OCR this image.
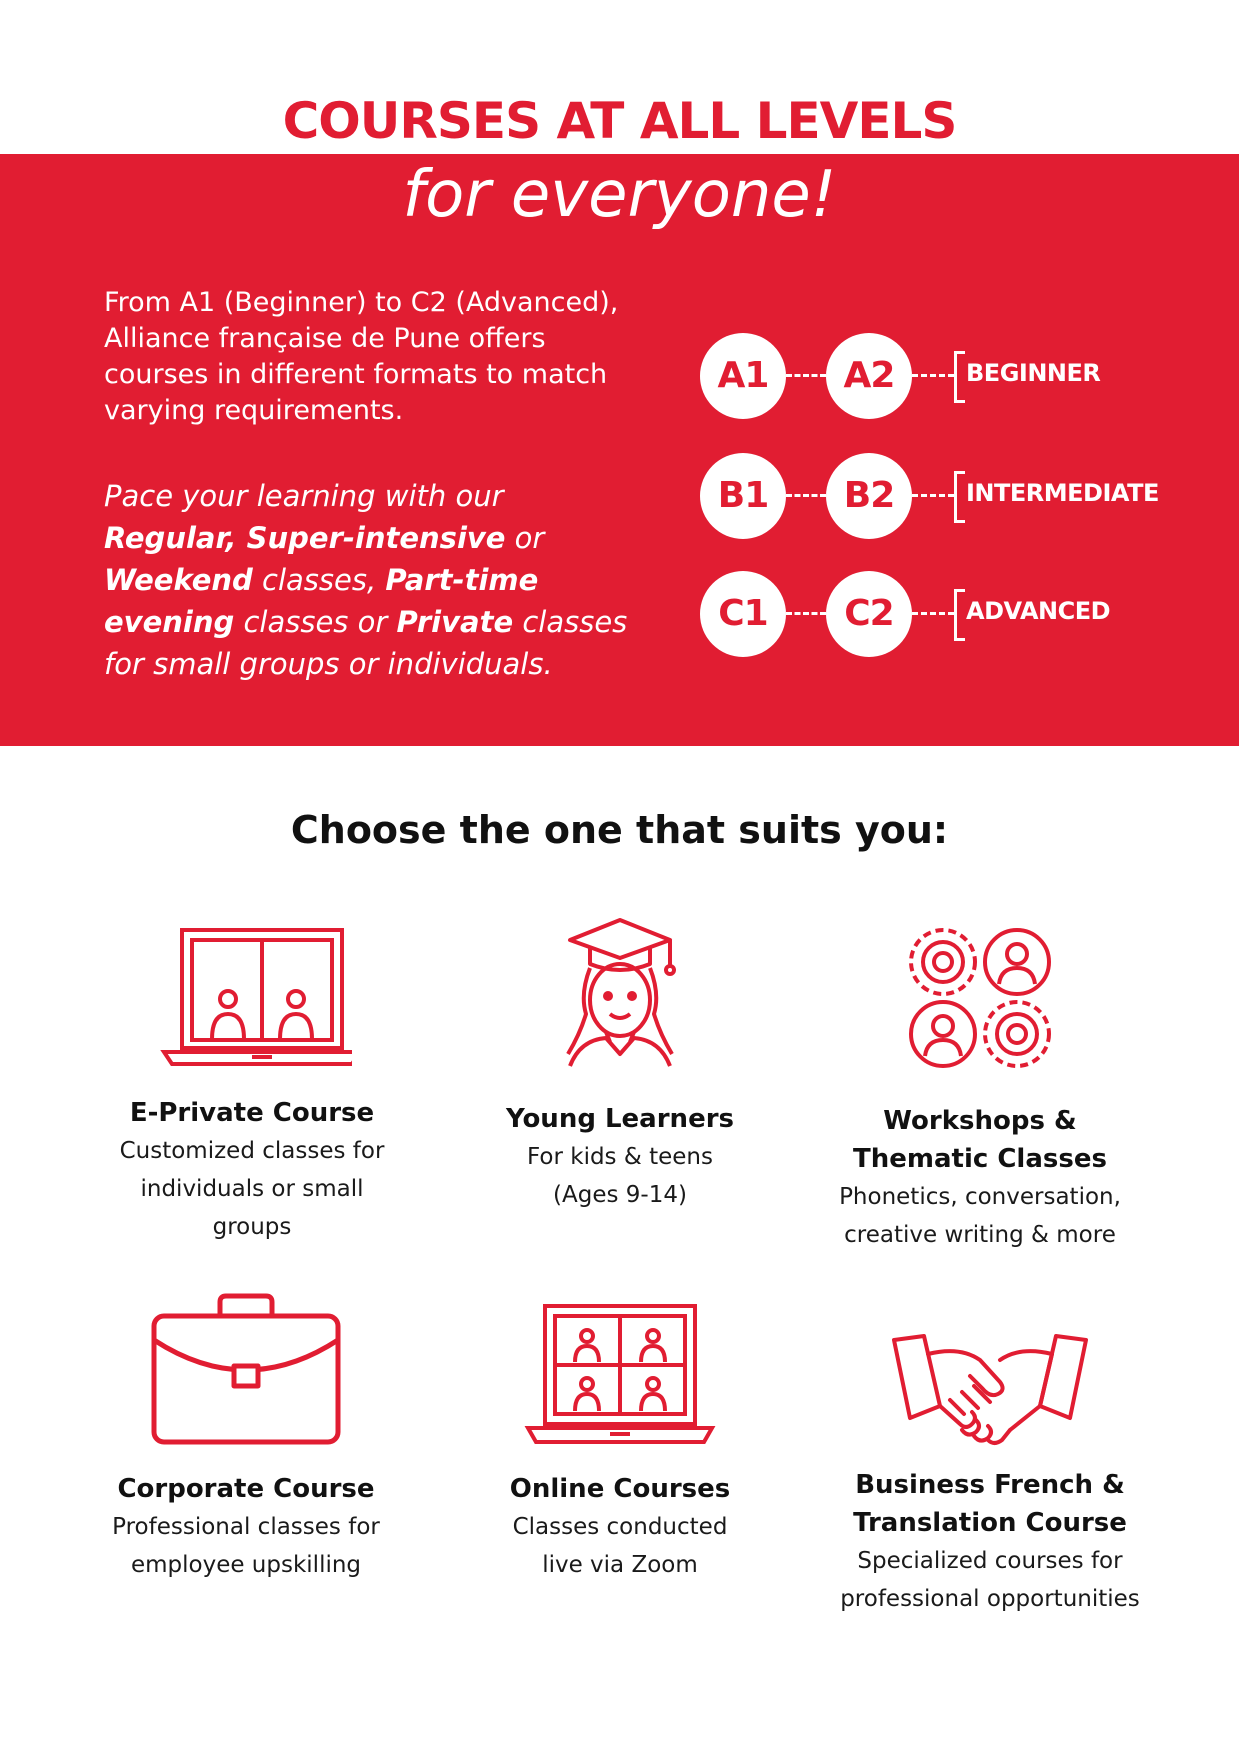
COURSES AT ALL LEVELS
for everyone!
From A1 (Beginner) to C2 (Advanced),
Alliance française de Pune offers
courses in different formats to match
varying requirements.
Pace your learning with our
Regular, Super-intensive or
Weekend classes, Part-time
evening classes or Private classes
for small groups or individuals.
A1	A2	BEGINNER
B1	B2	INTERMEDIATE
C1	C2	ADVANCED
Choose the one that suits you:
E-Private Course
Customized classes for
individuals or small
groups
Young Learners
For kids & teens
(Ages 9-14)
Workshops &
Thematic Classes
Phonetics, conversation,
creative writing & more
Corporate Course
Professional classes for
employee upskilling
Online Courses
Classes conducted
live via Zoom
Business French &
Translation Course
Specialized courses for
professional opportunities
